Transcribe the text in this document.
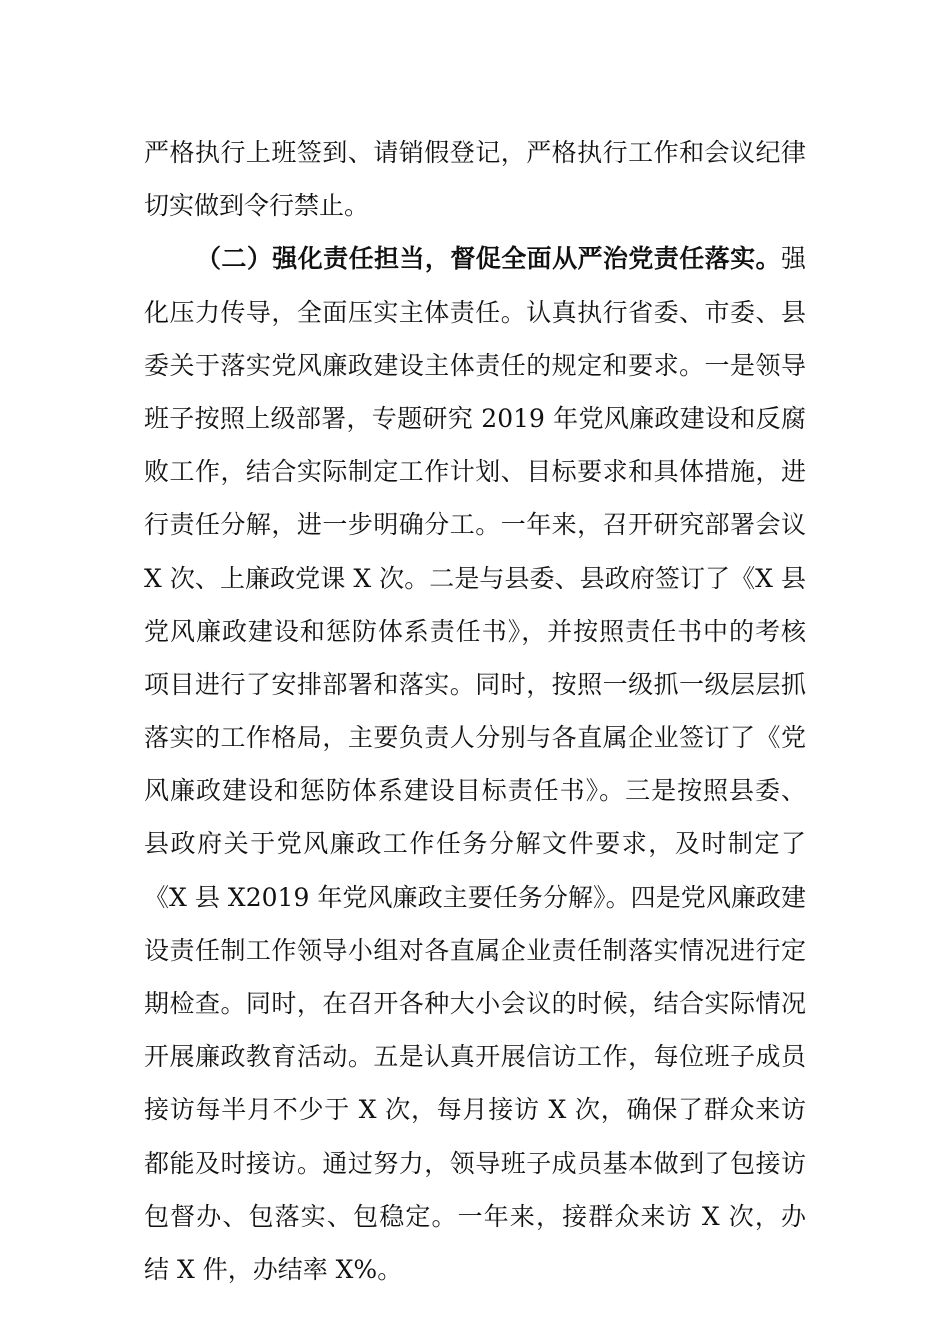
严格执行上班签到、请销假登记，严格执行工作和会议纪律
切实做到令行禁止。
（二）强化责任担当，督促全面从严治党责任落实。强
化压力传导，全面压实主体责任。认真执行省委、市委、县
委关于落实党风廉政建设主体责任的规定和要求。一是领导
班子按照上级部署，专题研究 2019 年党风廉政建设和反腐
败工作，结合实际制定工作计划、目标要求和具体措施，进
行责任分解，进一步明确分工。一年来，召开研究部署会议
X 次、上廉政党课 X 次。二是与县委、县政府签订了《X 县
党风廉政建设和惩防体系责任书》，并按照责任书中的考核
项目进行了安排部署和落实。同时，按照一级抓一级层层抓
落实的工作格局，主要负责人分别与各直属企业签订了《党
风廉政建设和惩防体系建设目标责任书》。三是按照县委、
县政府关于党风廉政工作任务分解文件要求，及时制定了
《X 县 X2019 年党风廉政主要任务分解》。四是党风廉政建
设责任制工作领导小组对各直属企业责任制落实情况进行定
期检查。同时，在召开各种大小会议的时候，结合实际情况
开展廉政教育活动。五是认真开展信访工作，每位班子成员
接访每半月不少于 X 次，每月接访 X 次，确保了群众来访
都能及时接访。通过努力，领导班子成员基本做到了包接访
包督办、包落实、包稳定。一年来，接群众来访 X 次，办
结 X 件，办结率 X%。
